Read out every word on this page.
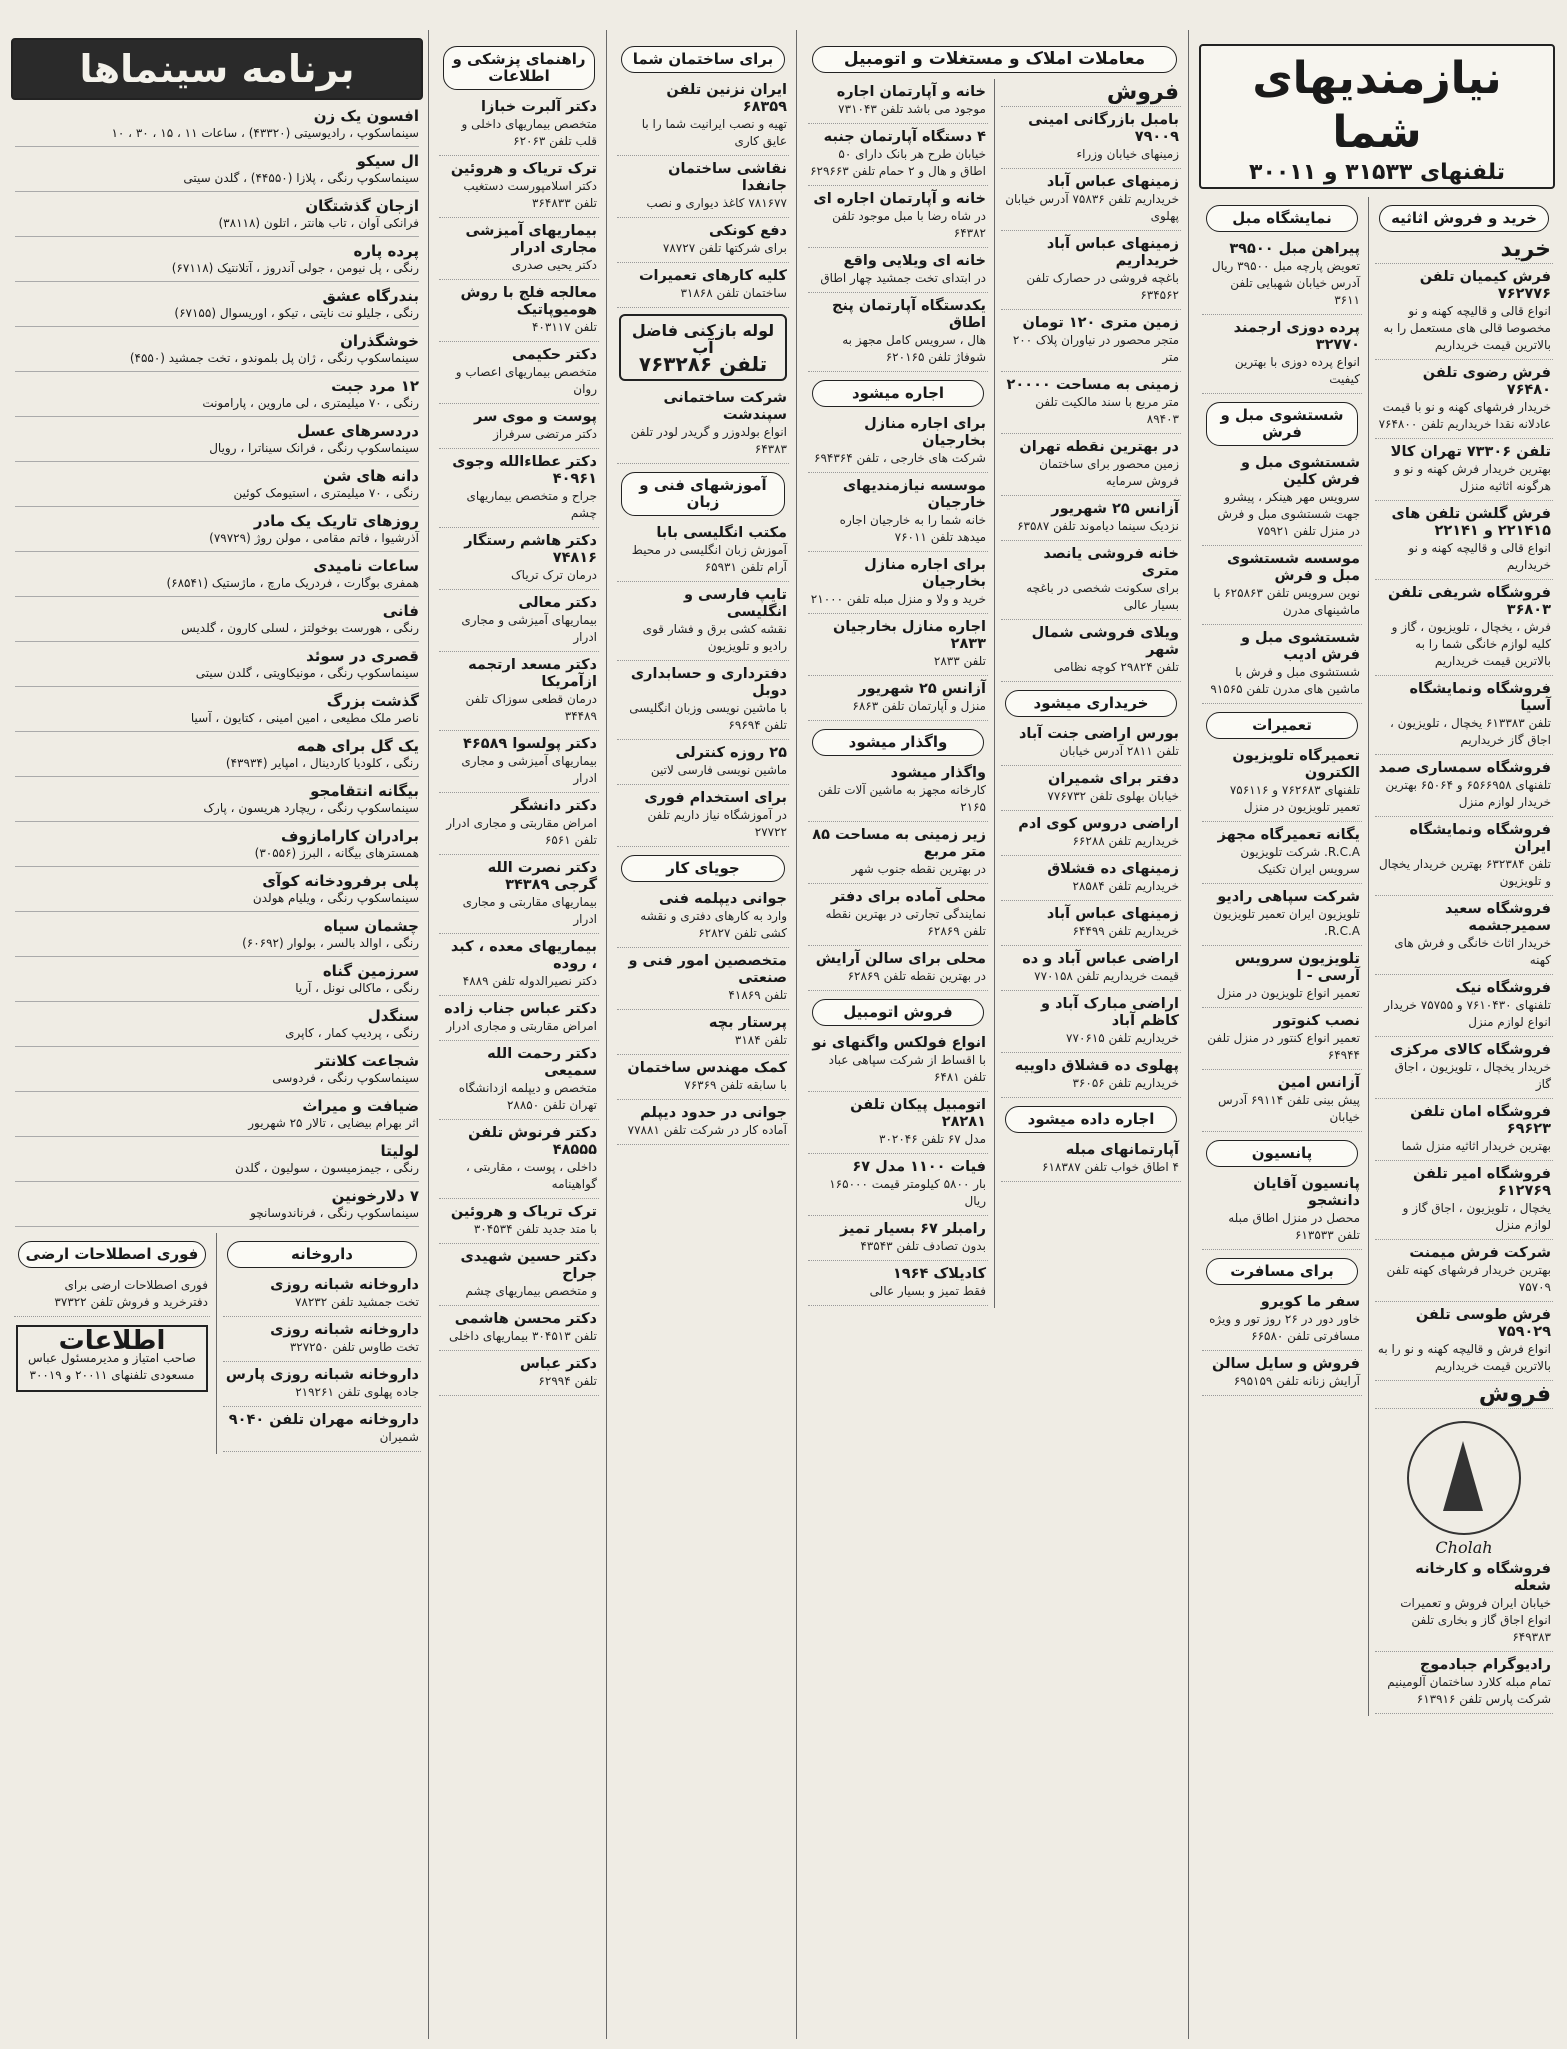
نیازمندیهای شما
تلفنهای ۳۱۵۳۳ و ۳۰۰۱۱
خرید و فروش اثاثیه
خرید
فرش کیمیان تلفن ۷۶۲۷۷۶
انواع قالی و قالیچه کهنه و نو مخصوصا قالی های مستعمل را به بالاترین قیمت خریداریم
فرش رضوی تلفن ۷۶۴۸۰
خریدار فرشهای کهنه و نو با قیمت عادلانه نقدا خریداریم تلفن ۷۶۴۸۰۰
تلفن ۷۳۳۰۶ تهران کالا
بهترین خریدار فرش کهنه و نو و هرگونه اثاثیه منزل
فرش گلشن تلفن های ۲۲۱۴۱۵ و ۲۲۱۴۱
انواع قالی و قالیچه کهنه و نو خریداریم
فروشگاه شریفی تلفن ۳۶۸۰۳
فرش ، یخچال ، تلویزیون ، گاز و کلیه لوازم خانگی شما را به بالاترین قیمت خریداریم
فروشگاه ونمایشگاه آسیا
تلفن ۶۱۳۳۸۳ یخچال ، تلویزیون ، اجاق گاز خریداریم
فروشگاه سمساری صمد
تلفنهای ۶۵۶۶۹۵۸ و ۶۵۰۶۴ بهترین خریدار لوازم منزل
فروشگاه ونمایشگاه ایران
تلفن ۶۳۲۳۸۴ بهترین خریدار یخچال و تلویزیون
فروشگاه سعید سمیرجشمه
خریدار اثاث خانگی و فرش های کهنه
فروشگاه نیک
تلفنهای ۷۶۱۰۴۳۰ و ۷۵۷۵۵ خریدار انواع لوازم منزل
فروشگاه کالای مرکزی
خریدار یخچال ، تلویزیون ، اجاق گاز
فروشگاه امان تلفن ۶۹۶۲۳
بهترین خریدار اثاثیه منزل شما
فروشگاه امیر تلفن ۶۱۲۷۶۹
یخچال ، تلویزیون ، اجاق گاز و لوازم منزل
شرکت فرش میمنت
بهترین خریدار فرشهای کهنه تلفن ۷۵۷۰۹
فرش طوسی تلفن ۷۵۹۰۲۹
انواع فرش و قالیچه کهنه و نو را به بالاترین قیمت خریداریم
فروش
Cholah
فروشگاه و کارخانه شعله
خیابان ایران فروش و تعمیرات انواع اجاق گاز و بخاری تلفن ۶۴۹۳۸۳
رادیوگرام جبادموج
تمام مبله کلارد ساختمان آلومینیم شرکت پارس تلفن ۶۱۳۹۱۶
نمایشگاه مبل
پیراهن مبل ۳۹۵۰۰
تعویض پارچه مبل ۳۹۵۰۰ ریال آدرس خیابان شهبایی تلفن ۳۶۱۱
پرده دوزی ارجمند ۳۲۷۷۰
انواع پرده دوزی با بهترین کیفیت
شستشوی مبل و فرش
شستشوی مبل و فرش کلین
سرویس مهر هینکر ، پیشرو جهت شستشوی مبل و فرش در منزل تلفن ۷۵۹۲۱
موسسه شستشوی مبل و فرش
نوین سرویس تلفن ۶۲۵۸۶۳ با ماشینهای مدرن
شستشوی مبل و فرش ادیب
شستشوی مبل و فرش با ماشین های مدرن تلفن ۹۱۵۶۵
تعمیرات
تعمیرگاه تلویزیون الکترون
تلفنهای ۷۶۲۶۸۳ و ۷۵۶۱۱۶ تعمیر تلویزیون در منزل
یگانه تعمیرگاه مجهز
R.C.A. شرکت تلویزیون سرویس ایران تکنیک
شرکت سپاهی رادیو
تلویزیون ایران تعمیر تلویزیون R.C.A.
تلویزیون سرویس آرسی - ا
تعمیر انواع تلویزیون در منزل
نصب کنوتور
تعمیر انواع کنتور در منزل تلفن ۶۴۹۴۴
آزانس امین
پیش بینی تلفن ۶۹۱۱۴ آدرس خیابان
پانسیون
پانسیون آقایان دانشجو
محصل در منزل اطاق مبله تلفن ۶۱۳۵۳۳
برای مسافرت
سفر ما کویرو
خاور دور در ۲۶ روز تور و ویژه مسافرتی تلفن ۶۶۵۸۰
فروش و سایل سالن
آرایش زنانه تلفن ۶۹۵۱۵۹
معاملات املاک و مستغلات و اتومبیل
فروش
بامبل بازرگانی امینی ۷۹۰۰۹
زمینهای خیابان وزراء
زمینهای عباس آباد
خریداریم تلفن ۷۵۸۳۶ آدرس خیابان پهلوی
زمینهای عباس آباد خریداریم
باغچه فروشی در حصارک تلفن ۶۳۴۵۶۲
زمین متری ۱۲۰ تومان
متجر محصور در نیاوران پلاک ۲۰۰ متر
زمینی به مساحت ۲۰۰۰۰
متر مربع با سند مالکیت تلفن ۸۹۴۰۳
در بهترین نقطه تهران
زمین محصور برای ساختمان فروش سرمایه
آزانس ۲۵ شهریور
نزدیک سینما دیاموند تلفن ۶۳۵۸۷
خانه فروشی یانصد متری
برای سکونت شخصی در باغچه بسیار عالی
ویلای فروشی شمال شهر
تلفن ۲۹۸۲۴ کوچه نظامی
خریداری میشود
بورس اراضی جنت آباد
تلفن ۲۸۱۱ آدرس خیابان
دفتر برای شمیران
خیابان بهلوی تلفن ۷۷۶۷۳۲
اراضی دروس کوی ادم
خریداریم تلفن ۶۶۲۸۸
زمینهای ده قشلاق
خریداریم تلفن ۲۸۵۸۴
زمینهای عباس آباد
خریداریم تلفن ۶۴۴۹۹
اراضی عباس آباد و ده
قیمت خریداریم تلفن ۷۷۰۱۵۸
اراضی مبارک آباد و کاظم آباد
خریداریم تلفن ۷۷۰۶۱۵
پهلوی ده قشلاق داوییه
خریداریم تلفن ۳۶۰۵۶
اجاره داده میشود
آپارتمانهای مبله
۴ اطاق خواب تلفن ۶۱۸۳۸۷
خانه و آپارتمان اجاره
موجود می باشد تلفن ۷۳۱۰۴۳
۴ دستگاه آپارتمان جنبه
خیابان طرح هر بانک دارای ۵۰ اطاق و هال و ۲ حمام تلفن ۶۲۹۶۶۳
خانه و آپارتمان اجاره ای
در شاه رضا با مبل موجود تلفن ۶۴۳۸۲
خانه ای ویلایی واقع
در ابتدای تخت جمشید چهار اطاق
یکدستگاه آپارتمان پنج اطاق
هال ، سرویس کامل مجهز به شوفاژ تلفن ۶۲۰۱۶۵
اجاره میشود
برای اجاره منازل بخارجیان
شرکت های خارجی ، تلفن ۶۹۴۳۶۴
موسسه نیازمندیهای خارجیان
خانه شما را به خارجیان اجاره میدهد تلفن ۷۶۰۱۱
برای اجاره منازل بخارجیان
خرید و ولا و منزل مبله تلفن ۲۱۰۰۰
اجاره منازل بخارجیان ۲۸۳۳
تلفن ۲۸۳۳
آزانس ۲۵ شهریور
منزل و آپارتمان تلفن ۶۸۶۳
واگذار میشود
واگذار میشود
کارخانه مجهز به ماشین آلات تلفن ۲۱۶۵
زیر زمینی به مساحت ۸۵ متر مربع
در بهترین نقطه جنوب شهر
محلی آماده برای دفتر
نمایندگی تجارتی در بهترین نقطه تلفن ۶۲۸۶۹
محلی برای سالن آرایش
در بهترین نقطه تلفن ۶۲۸۶۹
فروش اتومبیل
انواع فولکس واگنهای نو
با اقساط از شرکت سپاهی عباد تلفن ۶۴۸۱
اتومبیل پیکان تلفن ۲۸۲۸۱
مدل ۶۷ تلفن ۳۰۲۰۴۶
فیات ۱۱۰۰ مدل ۶۷
بار ۵۸۰۰ کیلومتر قیمت ۱۶۵۰۰۰ ریال
رامبلر ۶۷ بسیار تمیز
بدون تصادف تلفن ۴۳۵۴۳
کادیلاک ۱۹۶۴
فقط تمیز و بسیار عالی
برای ساختمان شما
ایران نزنین تلفن ۶۸۳۵۹
تهیه و نصب ایرانیت شما را با عایق کاری
نقاشی ساختمان جانفدا
۷۸۱۶۷۷ کاغذ دیواری و نصب
دفع کونکی
برای شرکتها تلفن ۷۸۷۲۷
کلیه کارهای تعمیرات
ساختمان تلفن ۳۱۸۶۸
لوله بازکنی فاضل آب
تلفن ۷۶۳۲۸۶
شرکت ساختمانی سپندشت
انواع بولدوزر و گریدر لودر تلفن ۶۴۳۸۳
آموزشهای فنی و زبان
مکتب انگلیسی بابا
آموزش زبان انگلیسی در محیط آرام تلفن ۶۵۹۳۱
تایپ فارسی و انگلیسی
نقشه کشی برق و فشار قوی رادیو و تلویزیون
دفترداری و حسابداری دوبل
با ماشین نویسی وزبان انگلیسی تلفن ۶۹۶۹۴
۲۵ روزه کنترلی
ماشین نویسی فارسی لاتین
برای استخدام فوری
در آموزشگاه نیاز داریم تلفن ۲۷۷۲۲
جویای کار
جوانی دیپلمه فنی
وارد به کارهای دفتری و نقشه کشی تلفن ۶۲۸۲۷
متخصصین امور فنی و صنعتی
تلفن ۴۱۸۶۹
پرستار بچه
تلفن ۳۱۸۴
کمک مهندس ساختمان
با سابقه تلفن ۷۶۳۶۹
جوانی در حدود دیپلم
آماده کار در شرکت تلفن ۷۷۸۸۱
راهنمای پزشکی و اطلاعات
دکتر آلبرت خبازا
متخصص بیماریهای داخلی و قلب تلفن ۶۲۰۶۳
ترک تریاک و هروئین
دکتر اسلامپورست دستغیب تلفن ۳۶۴۸۳۳
بیماریهای آمیزشی مجاری ادرار
دکتر یحیی صدری
معالجه فلج با روش هومیوپاتیک
تلفن ۴۰۳۱۱۷
دکتر حکیمی
متخصص بیماریهای اعصاب و روان
پوست و موی سر
دکتر مرتضی سرفراز
دکتر عطاءالله وجوی ۴۰۹۶۱
جراح و متخصص بیماریهای چشم
دکتر هاشم رستگار ۷۴۸۱۶
درمان ترک تریاک
دکتر معالی
بیماریهای آمیزشی و مجاری ادرار
دکتر مسعد ارتجمه ازآمریکا
درمان قطعی سوزاک تلفن ۳۴۴۸۹
دکتر پولسوا ۴۶۵۸۹
بیماریهای آمیزشی و مجاری ادرار
دکتر دانشگر
امراض مقاربتی و مجاری ادرار تلفن ۶۵۶۱
دکتر نصرت الله گرجی ۳۴۳۸۹
بیماریهای مقاربتی و مجاری ادرار
بیماریهای معده ، کبد ، روده
دکتر نصیرالدوله تلفن ۴۸۸۹
دکتر عباس جناب زاده
امراض مقاربتی و مجاری ادرار
دکتر رحمت الله سمیعی
متخصص و دیپلمه ازدانشگاه تهران تلفن ۲۸۸۵۰
دکتر فرنوش تلفن ۴۸۵۵۵
داخلی ، پوست ، مقاربتی ، گواهینامه
ترک تریاک و هروئین
با متد جدید تلفن ۳۰۴۵۳۴
دکتر حسین شهیدی جراح
و متخصص بیماریهای چشم
دکتر محسن هاشمی
تلفن ۳۰۴۵۱۳ بیماریهای داخلی
دکتر عباس
تلفن ۶۲۹۹۴
برنامه سینماها
افسون یک زن
سینماسکوپ ، رادیوسیتی (۴۳۳۲۰) ، ساعات ۱۱ ، ۱۵ ، ۳۰ ، ۱۰
ال سیکو
سینماسکوپ رنگی ، پلازا (۴۴۵۵۰) ، گلدن سیتی
ازجان گذشتگان
فرانکی آوان ، تاب هانتر ، اتلون (۳۸۱۱۸)
پرده پاره
رنگی ، پل نیومن ، جولی آندروز ، آتلانتیک (۶۷۱۱۸)
بندرگاه عشق
رنگی ، جلیلو نت نایتی ، تیکو ، اوریسوال (۶۷۱۵۵)
خوشگذران
سینماسکوپ رنگی ، ژان پل بلموندو ، تخت جمشید (۴۵۵۰)
۱۲ مرد جبت
رنگی ، ۷۰ میلیمتری ، لی ماروین ، پارامونت
دردسرهای عسل
سینماسکوپ رنگی ، فرانک سیناترا ، رویال
دانه های شن
رنگی ، ۷۰ میلیمتری ، استیومک کوئین
روزهای تاریک یک مادر
آذرشیوا ، فاتم مقامی ، مولن روژ (۷۹۷۲۹)
ساعات نامیدی
همفری بوگارت ، فردریک مارچ ، ماژستیک (۶۸۵۴۱)
فانی
رنگی ، هورست بوخولتز ، لسلی کارون ، گلدیس
قصری در سوئد
سینماسکوپ رنگی ، مونیکاویتی ، گلدن سیتی
گذشت بزرگ
ناصر ملک مطیعی ، امین امینی ، کتایون ، آسیا
یک گل برای همه
رنگی ، کلودیا کاردینال ، امپایر (۴۳۹۳۴)
بیگانه انتقامجو
سینماسکوپ رنگی ، ریچارد هریسون ، پارک
برادران کارامازوف
همسترهای بیگانه ، البرز (۳۰۵۵۶)
پلی برفرودخانه کوآی
سینماسکوپ رنگی ، ویلیام هولدن
چشمان سیاه
رنگی ، اوالد بالسر ، بولوار (۶۰۶۹۲)
سرزمین گناه
رنگی ، ماکالی نونل ، آریا
سنگدل
رنگی ، پردیپ کمار ، کاپری
شجاعت کلانتر
سینماسکوپ رنگی ، فردوسی
ضیافت و میراث
اثر بهرام بیضایی ، تالار ۲۵ شهریور
لولیتا
رنگی ، جیمزمیسون ، سولیون ، گلدن
۷ دلارخونین
سینماسکوپ رنگی ، فرناندوسانچو
داروخانه
داروخانه شبانه روزی
تخت جمشید تلفن ۷۸۲۳۲
داروخانه شبانه روزی
تخت طاوس تلفن ۳۲۷۲۵۰
داروخانه شبانه روزی پارس
جاده پهلوی تلفن ۲۱۹۲۶۱
داروخانه مهران تلفن ۹۰۴۰
شمیران
فوری اصطلاحات ارضی
فوری اصطلاحات ارضی برای دفترخرید و فروش تلفن ۳۷۳۲۲
اطلاعات
صاحب امتیاز و مدیرمسئول عباس مسعودی تلفنهای ۲۰۰۱۱ و ۳۰۰۱۹
